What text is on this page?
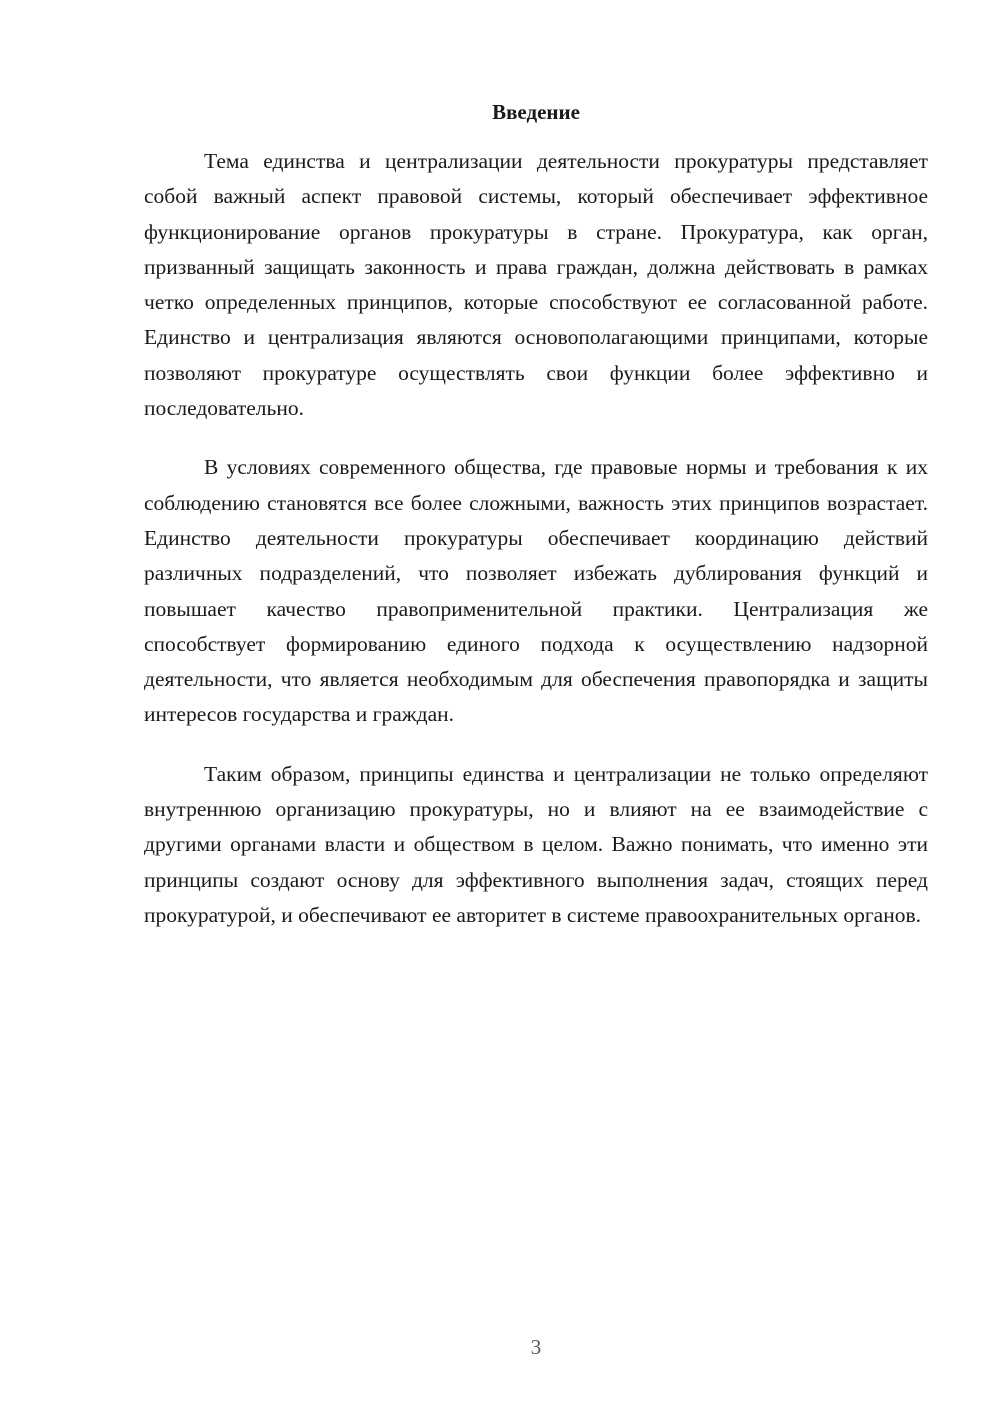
Введение

Тема единства и централизации деятельности прокуратуры представляет собой важный аспект правовой системы, который обеспечивает эффективное функционирование органов прокуратуры в стране. Прокуратура, как орган, призванный защищать законность и права граждан, должна действовать в рамках четко определенных принципов, которые способствуют ее согласованной работе. Единство и централизация являются основополагающими принципами, которые позволяют прокуратуре осуществлять свои функции более эффективно и последовательно.

В условиях современного общества, где правовые нормы и требования к их соблюдению становятся все более сложными, важность этих принципов возрастает. Единство деятельности прокуратуры обеспечивает координацию действий различных подразделений, что позволяет избежать дублирования функций и повышает качество правоприменительной практики. Централизация же способствует формированию единого подхода к осуществлению надзорной деятельности, что является необходимым для обеспечения правопорядка и защиты интересов государства и граждан.

Таким образом, принципы единства и централизации не только определяют внутреннюю организацию прокуратуры, но и влияют на ее взаимодействие с другими органами власти и обществом в целом. Важно понимать, что именно эти принципы создают основу для эффективного выполнения задач, стоящих перед прокуратурой, и обеспечивают ее авторитет в системе правоохранительных органов.

3
